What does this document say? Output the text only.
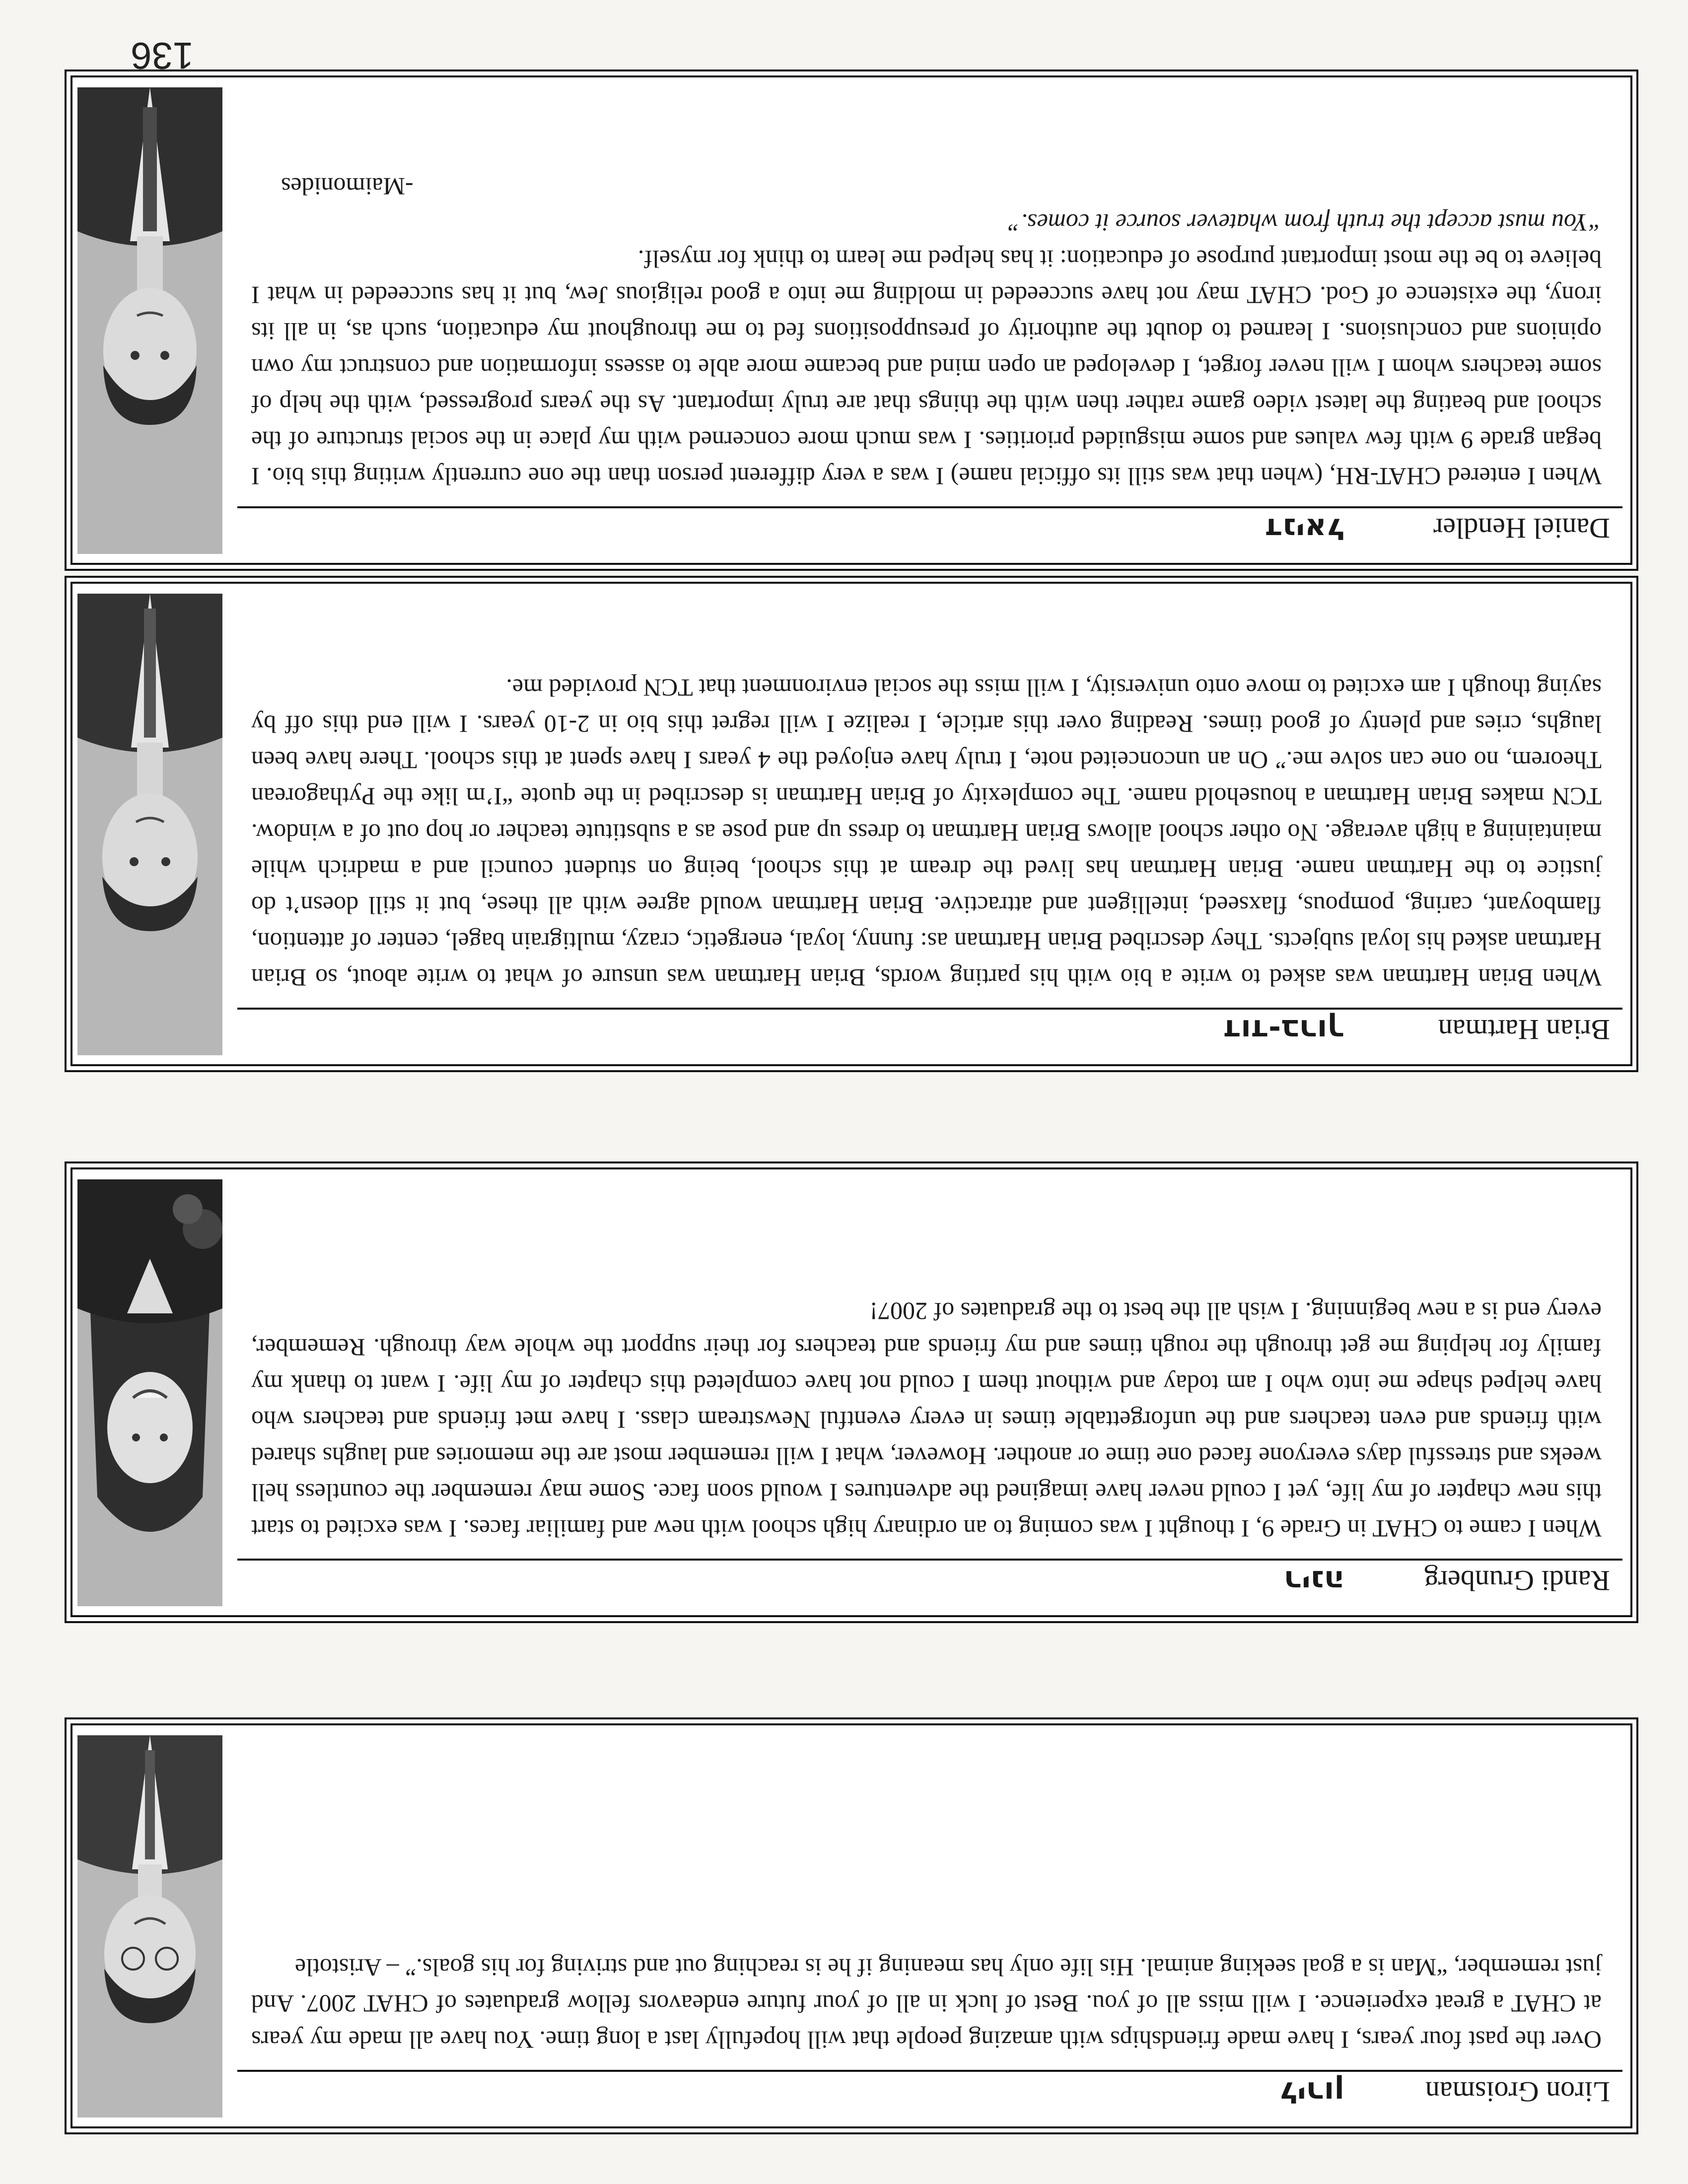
Liron Groisman
לירון

Over the past four years, I have made friendships with amazing people that will hopefully last a long time. You have all made my years at CHAT a great experience. I will miss all of you. Best of luck in all of your future endeavors fellow graduates of CHAT 2007. And just remember, “Man is a goal seeking animal. His life only has meaning if he is reaching out and striving for his goals.” – Aristotle

Randi Grunberg
רינה

When I came to CHAT in Grade 9, I thought I was coming to an ordinary high school with new and familiar faces. I was excited to start this new chapter of my life, yet I could never have imagined the adventures I would soon face. Some may remember the countless hell weeks and stressful days everyone faced one time or another. However, what I will remember most are the memories and laughs shared with friends and even teachers and the unforgettable times in every eventful Newstream class. I have met friends and teachers who have helped shape me into who I am today and without them I could not have completed this chapter of my life. I want to thank my family for helping me get through the rough times and my friends and teachers for their support the whole way through. Remember, every end is a new beginning. I wish all the best to the graduates of 2007!

Brian Hartman
דוד-ברוך

When Brian Hartman was asked to write a bio with his parting words, Brian Hartman was unsure of what to write about, so Brian Hartman asked his loyal subjects. They described Brian Hartman as: funny, loyal, energetic, crazy, multigrain bagel, center of attention, flamboyant, caring, pompous, flaxseed, intelligent and attractive. Brian Hartman would agree with all these, but it still doesn’t do justice to the Hartman name. Brian Hartman has lived the dream at this school, being on student council and a madrich while maintaining a high average. No other school allows Brian Hartman to dress up and pose as a substitute teacher or hop out of a window. TCN makes Brian Hartman a household name. The complexity of Brian Hartman is described in the quote “I’m like the Pythagorean Theorem, no one can solve me.” On an unconceited note, I truly have enjoyed the 4 years I have spent at this school. There have been laughs, cries and plenty of good times. Reading over this article, I realize I will regret this bio in 2-10 years. I will end this off by saying though I am excited to move onto university, I will miss the social environment that TCN provided me.

Daniel Hendler
דניאל
When I entered CHAT-RH, (when that was still its official name) I was a very different person than the one currently writing this bio. I began grade 9 with few values and some misguided priorities. I was much more concerned with my place in the social structure of the school and beating the latest video game rather then with the things that are truly important. As the years progressed, with the help of some teachers whom I will never forget, I developed an open mind and became more able to assess information and construct my own opinions and conclusions. I learned to doubt the authority of presuppositions fed to me throughout my education, such as, in all its irony, the existence of God. CHAT may not have succeeded in molding me into a good religious Jew, but it has succeeded in what I believe to be the most important purpose of education: it has helped me learn to think for myself.
“You must accept the truth from whatever source it comes.”
-Maimonides
136
